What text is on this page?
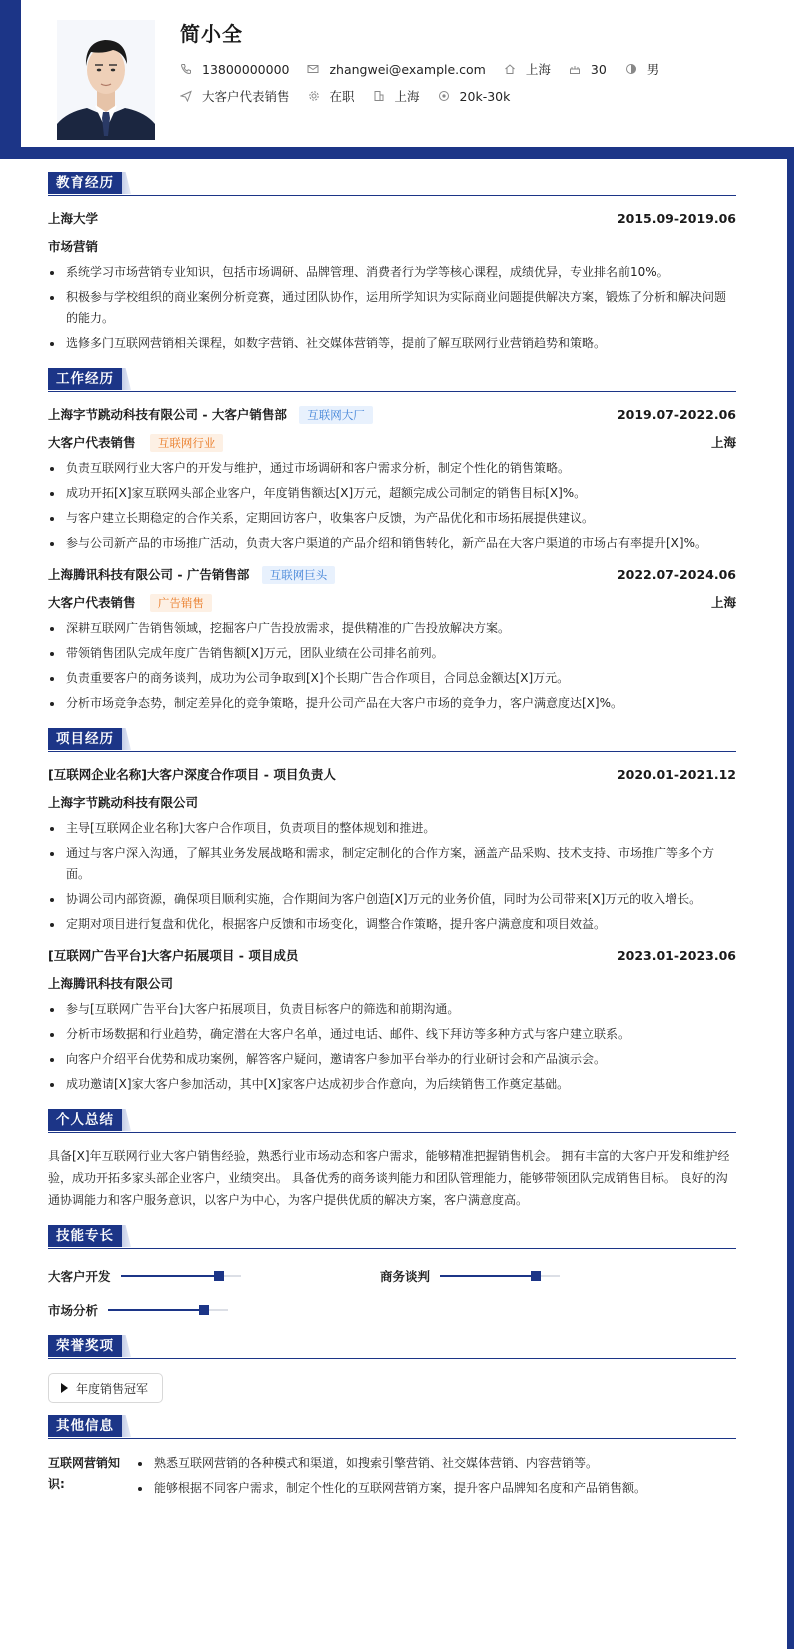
简小全
13800000000	zhangwei@example.com	上海	30	男
大客户代表销售	在职	上海	20k-30k
教育经历
上海大学	2015.09-2019.06
市场营销
系统学习市场营销专业知识，包括市场调研、品牌管理、消费者行为学等核心课程，成绩优异，专业排名前10%。
积极参与学校组织的商业案例分析竞赛，通过团队协作，运用所学知识为实际商业问题提供解决方案，锻炼了分析和解决问题的能力。
选修多门互联网营销相关课程，如数字营销、社交媒体营销等，提前了解互联网行业营销趋势和策略。
工作经历
上海字节跳动科技有限公司 - 大客户销售部 互联网大厂	2019.07-2022.06
大客户代表销售 互联网行业	上海
负责互联网行业大客户的开发与维护，通过市场调研和客户需求分析，制定个性化的销售策略。
成功开拓[X]家互联网头部企业客户，年度销售额达[X]万元，超额完成公司制定的销售目标[X]%。
与客户建立长期稳定的合作关系，定期回访客户，收集客户反馈，为产品优化和市场拓展提供建议。
参与公司新产品的市场推广活动，负责大客户渠道的产品介绍和销售转化，新产品在大客户渠道的市场占有率提升[X]%。
上海腾讯科技有限公司 - 广告销售部 互联网巨头	2022.07-2024.06
大客户代表销售 广告销售	上海
深耕互联网广告销售领域，挖掘客户广告投放需求，提供精准的广告投放解决方案。
带领销售团队完成年度广告销售额[X]万元，团队业绩在公司排名前列。
负责重要客户的商务谈判，成功为公司争取到[X]个长期广告合作项目，合同总金额达[X]万元。
分析市场竞争态势，制定差异化的竞争策略，提升公司产品在大客户市场的竞争力，客户满意度达[X]%。
项目经历
[互联网企业名称]大客户深度合作项目 - 项目负责人	2020.01-2021.12
上海字节跳动科技有限公司
主导[互联网企业名称]大客户合作项目，负责项目的整体规划和推进。
通过与客户深入沟通，了解其业务发展战略和需求，制定定制化的合作方案，涵盖产品采购、技术支持、市场推广等多个方面。
协调公司内部资源，确保项目顺利实施，合作期间为客户创造[X]万元的业务价值，同时为公司带来[X]万元的收入增长。
定期对项目进行复盘和优化，根据客户反馈和市场变化，调整合作策略，提升客户满意度和项目效益。
[互联网广告平台]大客户拓展项目 - 项目成员	2023.01-2023.06
上海腾讯科技有限公司
参与[互联网广告平台]大客户拓展项目，负责目标客户的筛选和前期沟通。
分析市场数据和行业趋势，确定潜在大客户名单，通过电话、邮件、线下拜访等多种方式与客户建立联系。
向客户介绍平台优势和成功案例，解答客户疑问，邀请客户参加平台举办的行业研讨会和产品演示会。
成功邀请[X]家大客户参加活动，其中[X]家客户达成初步合作意向，为后续销售工作奠定基础。
个人总结
具备[X]年互联网行业大客户销售经验，熟悉行业市场动态和客户需求，能够精准把握销售机会。 拥有丰富的大客户开发和维护经验，成功开拓多家头部企业客户，业绩突出。 具备优秀的商务谈判能力和团队管理能力，能够带领团队完成销售目标。 良好的沟通协调能力和客户服务意识，以客户为中心，为客户提供优质的解决方案，客户满意度高。
技能专长
大客户开发	商务谈判
市场分析
荣誉奖项
年度销售冠军
其他信息
互联网营销知识:
熟悉互联网营销的各种模式和渠道，如搜索引擎营销、社交媒体营销、内容营销等。
能够根据不同客户需求，制定个性化的互联网营销方案，提升客户品牌知名度和产品销售额。
